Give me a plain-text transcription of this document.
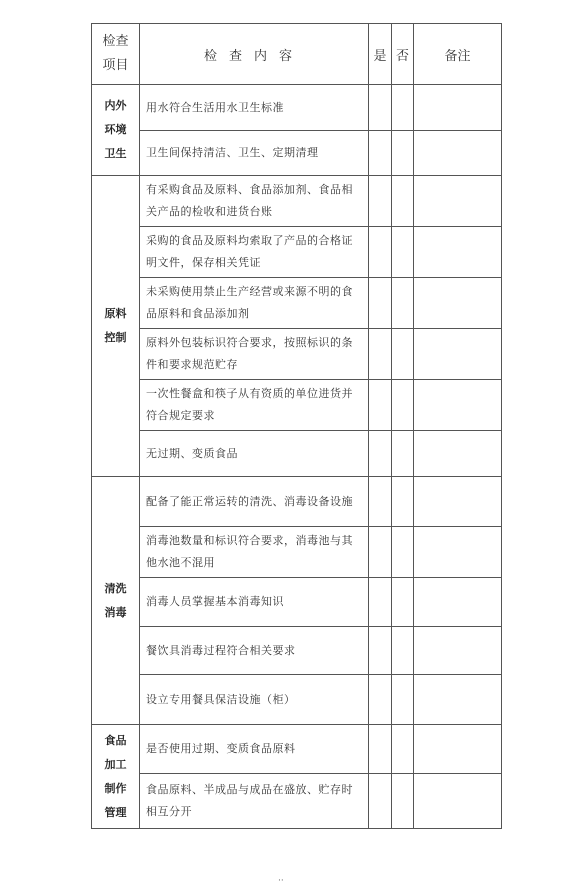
检查
项目	检查内容	是	否	备注

内外
环境
卫生	用水符合生活用水卫生标准			
	卫生间保持清洁、卫生、定期清理			

原料
控制	有采购食品及原料、食品添加剂、食品相关产品的检收和进货台账			
	采购的食品及原料均索取了产品的合格证明文件，保存相关凭证			
	未采购使用禁止生产经营或来源不明的食品原料和食品添加剂			
	原料外包装标识符合要求，按照标识的条件和要求规范贮存			
	一次性餐盒和筷子从有资质的单位进货并符合规定要求			
	无过期、变质食品			

清洗
消毒	配备了能正常运转的清洗、消毒设备设施			
	消毒池数量和标识符合要求，消毒池与其他水池不混用			
	消毒人员掌握基本消毒知识			
	餐饮具消毒过程符合相关要求			
	设立专用餐具保洁设施（柜）			

食品
加工
制作
管理	是否使用过期、变质食品原料			
	食品原料、半成品与成品在盛放、贮存时相互分开			
··
